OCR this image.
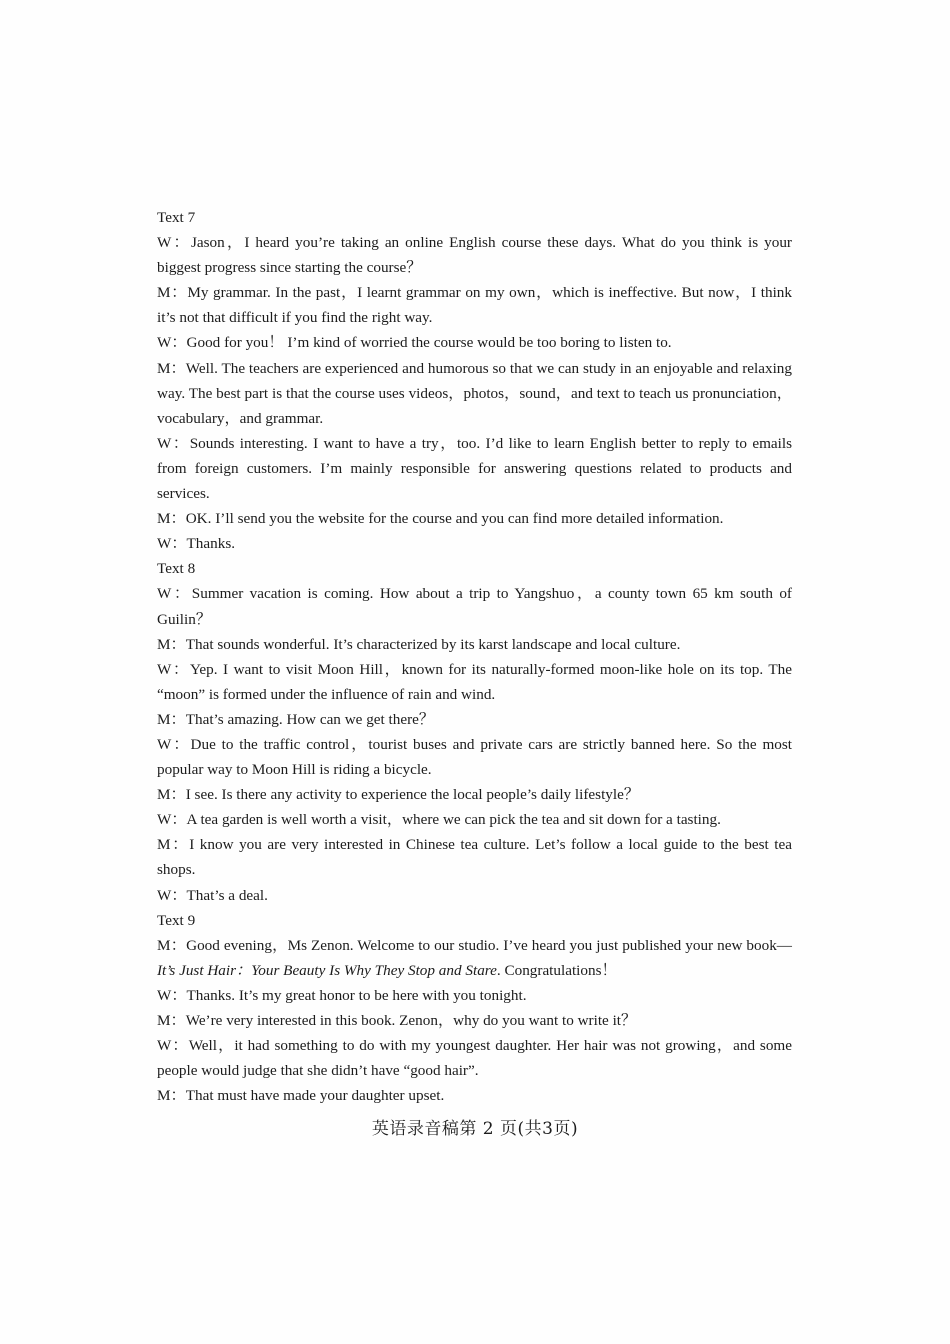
Text 7

W：Jason，I heard you’re taking an online English course these days. What do you think is your biggest progress since starting the course？

M：My grammar. In the past，I learnt grammar on my own，which is ineffective. But now，I think it’s not that difficult if you find the right way.

W：Good for you！ I’m kind of worried the course would be too boring to listen to.

M：Well. The teachers are experienced and humorous so that we can study in an enjoyable and relaxing way. The best part is that the course uses videos，photos，sound，and text to teach us pronunciation，vocabulary，and grammar.

W：Sounds interesting. I want to have a try，too. I’d like to learn English better to reply to emails from foreign customers. I’m mainly responsible for answering questions related to products and services.

M：OK. I’ll send you the website for the course and you can find more detailed information.

W：Thanks.

Text 8

W：Summer vacation is coming. How about a trip to Yangshuo，a county town 65 km south of Guilin？

M：That sounds wonderful. It’s characterized by its karst landscape and local culture.

W：Yep. I want to visit Moon Hill，known for its naturally-formed moon-like hole on its top. The “moon” is formed under the influence of rain and wind.

M：That’s amazing. How can we get there？

W：Due to the traffic control，tourist buses and private cars are strictly banned here. So the most popular way to Moon Hill is riding a bicycle.

M：I see. Is there any activity to experience the local people’s daily lifestyle？

W：A tea garden is well worth a visit，where we can pick the tea and sit down for a tasting.

M：I know you are very interested in Chinese tea culture. Let’s follow a local guide to the best tea shops.

W：That’s a deal.

Text 9

M：Good evening，Ms Zenon. Welcome to our studio. I’ve heard you just published your new book—It’s Just Hair：Your Beauty Is Why They Stop and Stare. Congratulations！

W：Thanks. It’s my great honor to be here with you tonight.

M：We’re very interested in this book. Zenon，why do you want to write it？

W：Well，it had something to do with my youngest daughter. Her hair was not growing，and some people would judge that she didn’t have “good hair”.

M：That must have made your daughter upset.

英语录音稿第 2 页(共3页)
